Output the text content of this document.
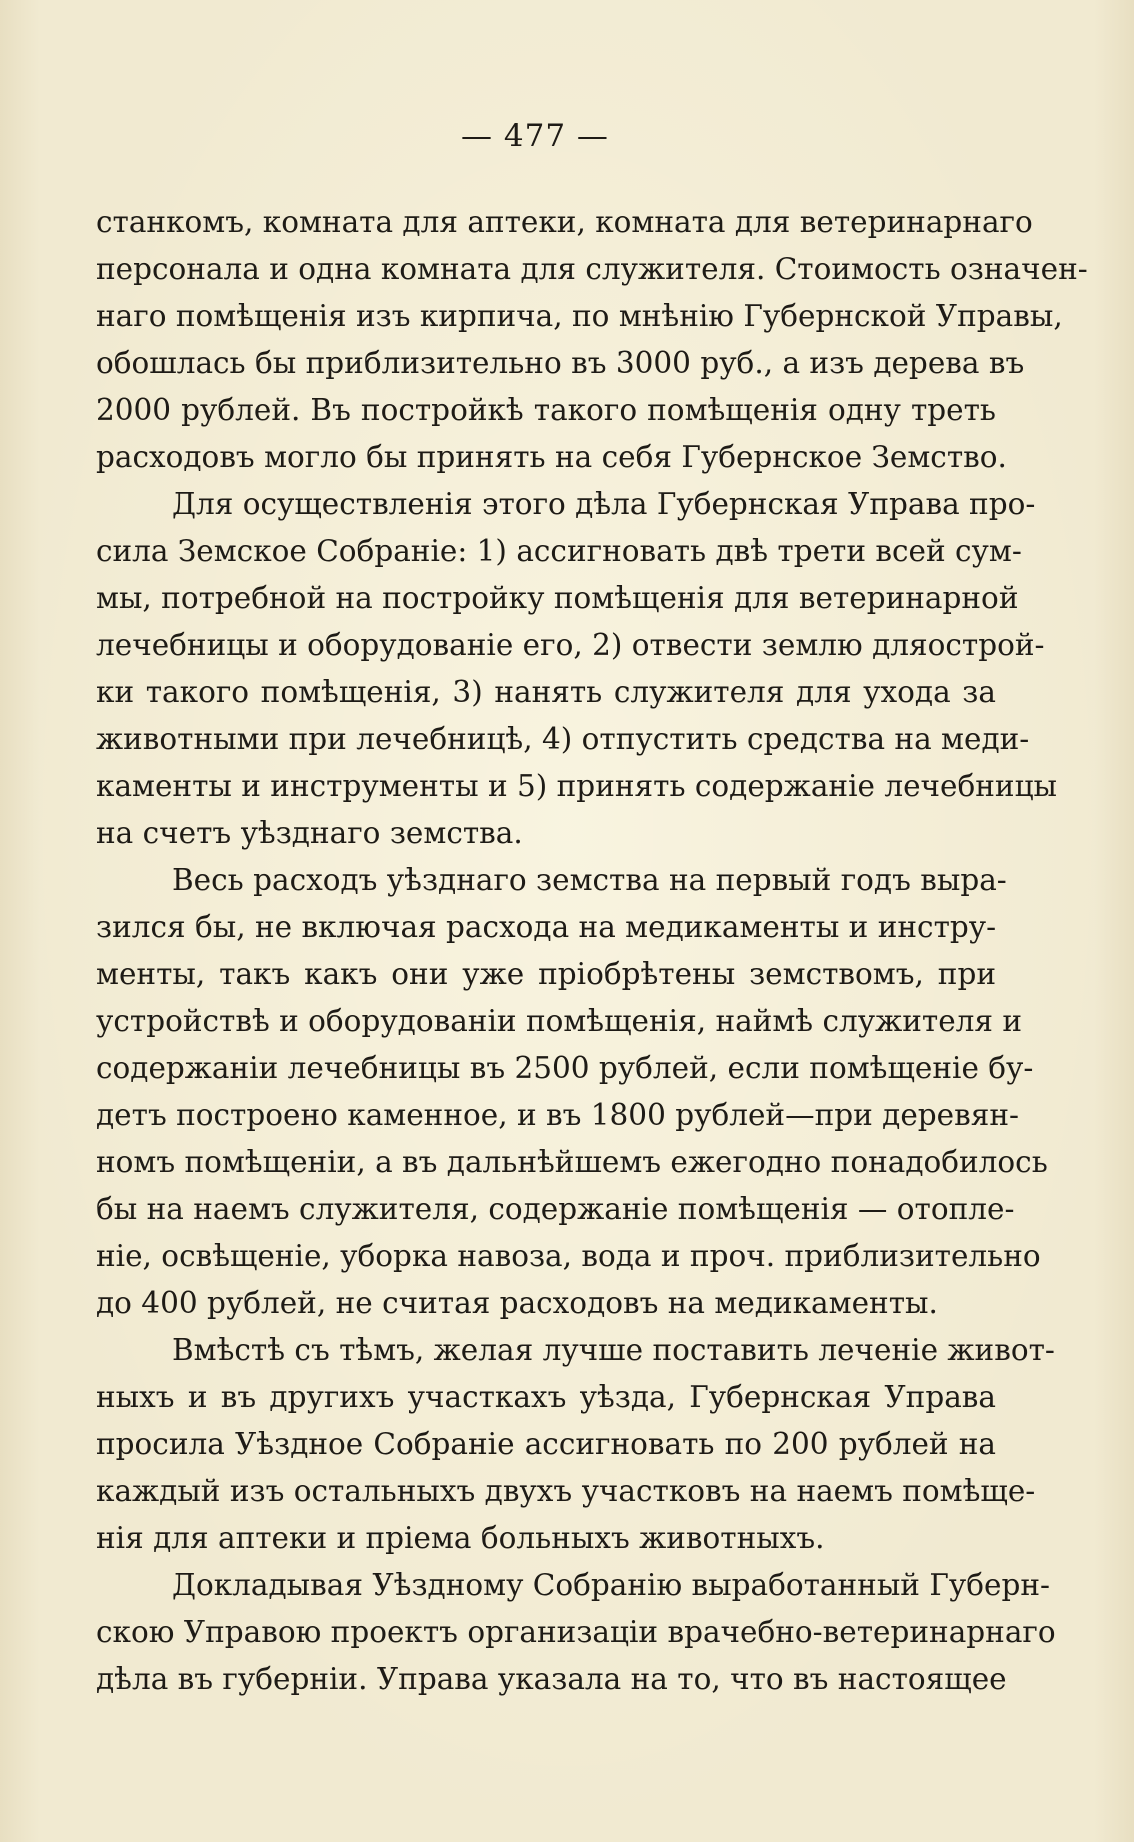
— 477 —
станкомъ, комната для аптеки, комната для ветеринарнаго
персонала и одна комната для служителя. Стоимость означен-
наго помѣщенія изъ кирпича, по мнѣнію Губернской Управы,
обошлась бы приблизительно въ 3000 руб., а изъ дерева въ
2000 рублей. Въ постройкѣ такого помѣщенія одну треть
расходовъ могло бы принять на себя Губернское Земство.
Для осуществленія этого дѣла Губернская Управа про-
сила Земское Собраніе: 1) ассигновать двѣ трети всей сум-
мы, потребной на постройку помѣщенія для ветеринарной
лечебницы и оборудованіе его, 2) отвести землю дляострой-
ки такого помѣщенія, 3) нанять служителя для ухода за
животными при лечебницѣ, 4) отпустить средства на меди-
каменты и инструменты и 5) принять содержаніе лечебницы
на счетъ уѣзднаго земства.
Весь расходъ уѣзднаго земства на первый годъ выра-
зился бы, не включая расхода на медикаменты и инстру-
менты, такъ какъ они уже пріобрѣтены земствомъ, при
устройствѣ и оборудованіи помѣщенія, наймѣ служителя и
содержаніи лечебницы въ 2500 рублей, если помѣщеніе бу-
детъ построено каменное, и въ 1800 рублей—при деревян-
номъ помѣщеніи, а въ дальнѣйшемъ ежегодно понадобилось
бы на наемъ служителя, содержаніе помѣщенія — отопле-
ніе, освѣщеніе, уборка навоза, вода и проч. приблизительно
до 400 рублей, не считая расходовъ на медикаменты.
Вмѣстѣ съ тѣмъ, желая лучше поставить леченіе живот-
ныхъ и въ другихъ участкахъ уѣзда, Губернская Управа
просила Уѣздное Собраніе ассигновать по 200 рублей на
каждый изъ остальныхъ двухъ участковъ на наемъ помѣще-
нія для аптеки и пріема больныхъ животныхъ.
Докладывая Уѣздному Собранію выработанный Губерн-
скою Управою проектъ организаціи врачебно-ветеринарнаго
дѣла въ губерніи. Управа указала на то, что въ настоящее
